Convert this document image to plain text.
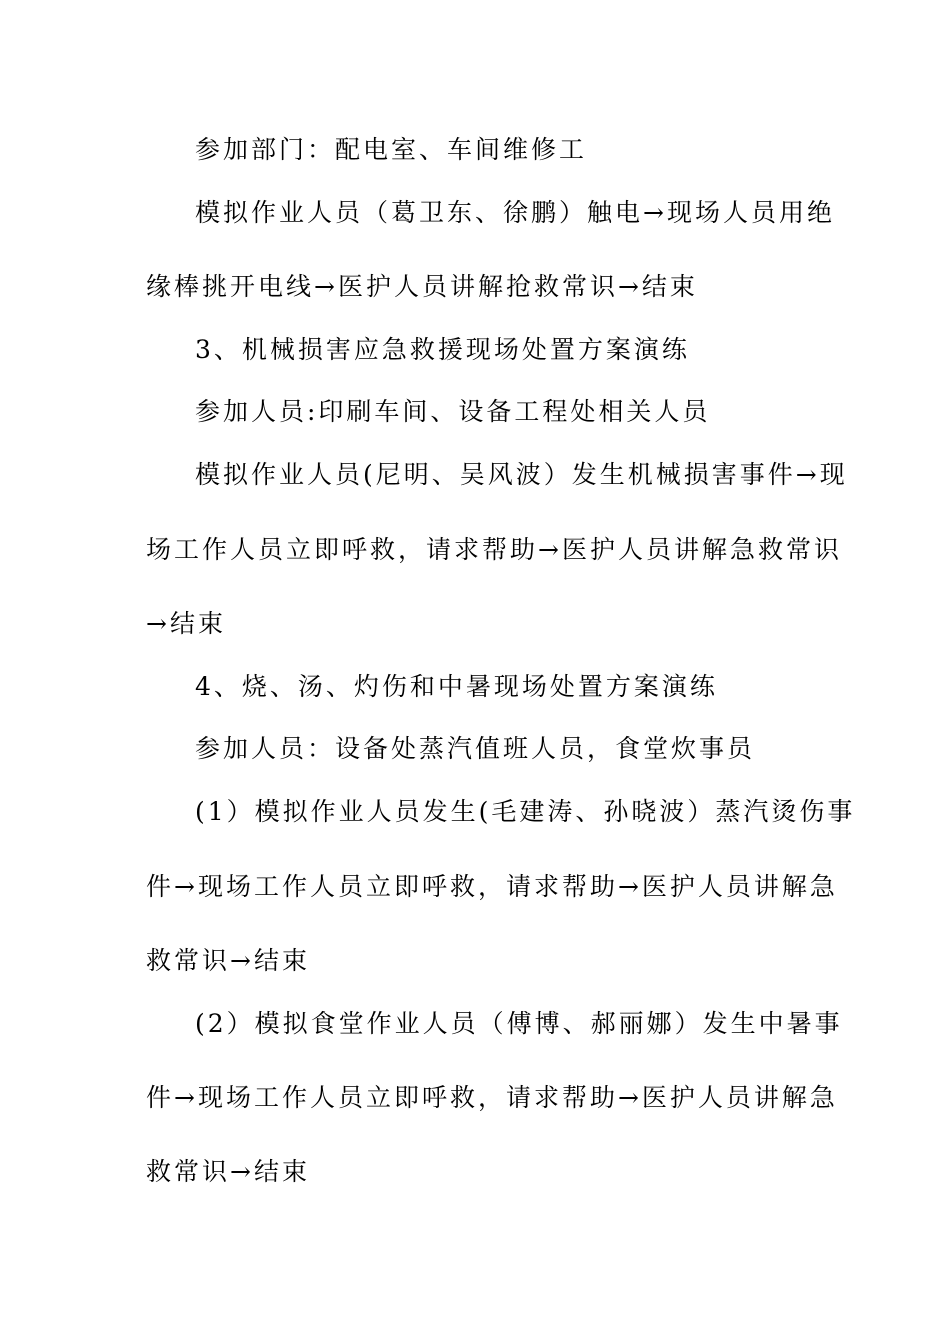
参加部门：配电室、车间维修工
模拟作业人员（葛卫东、徐鹏）触电→现场人员用绝
缘棒挑开电线→医护人员讲解抢救常识→结束
3、机械损害应急救援现场处置方案演练
参加人员:印刷车间、设备工程处相关人员
模拟作业人员(尼明、吴风波）发生机械损害事件→现
场工作人员立即呼救，请求帮助→医护人员讲解急救常识
→结束
4、烧、汤、灼伤和中暑现场处置方案演练
参加人员：设备处蒸汽值班人员，食堂炊事员
(1）模拟作业人员发生(毛建涛、孙晓波）蒸汽烫伤事
件→现场工作人员立即呼救，请求帮助→医护人员讲解急
救常识→结束
(2）模拟食堂作业人员（傅博、郝丽娜）发生中暑事
件→现场工作人员立即呼救，请求帮助→医护人员讲解急
救常识→结束
